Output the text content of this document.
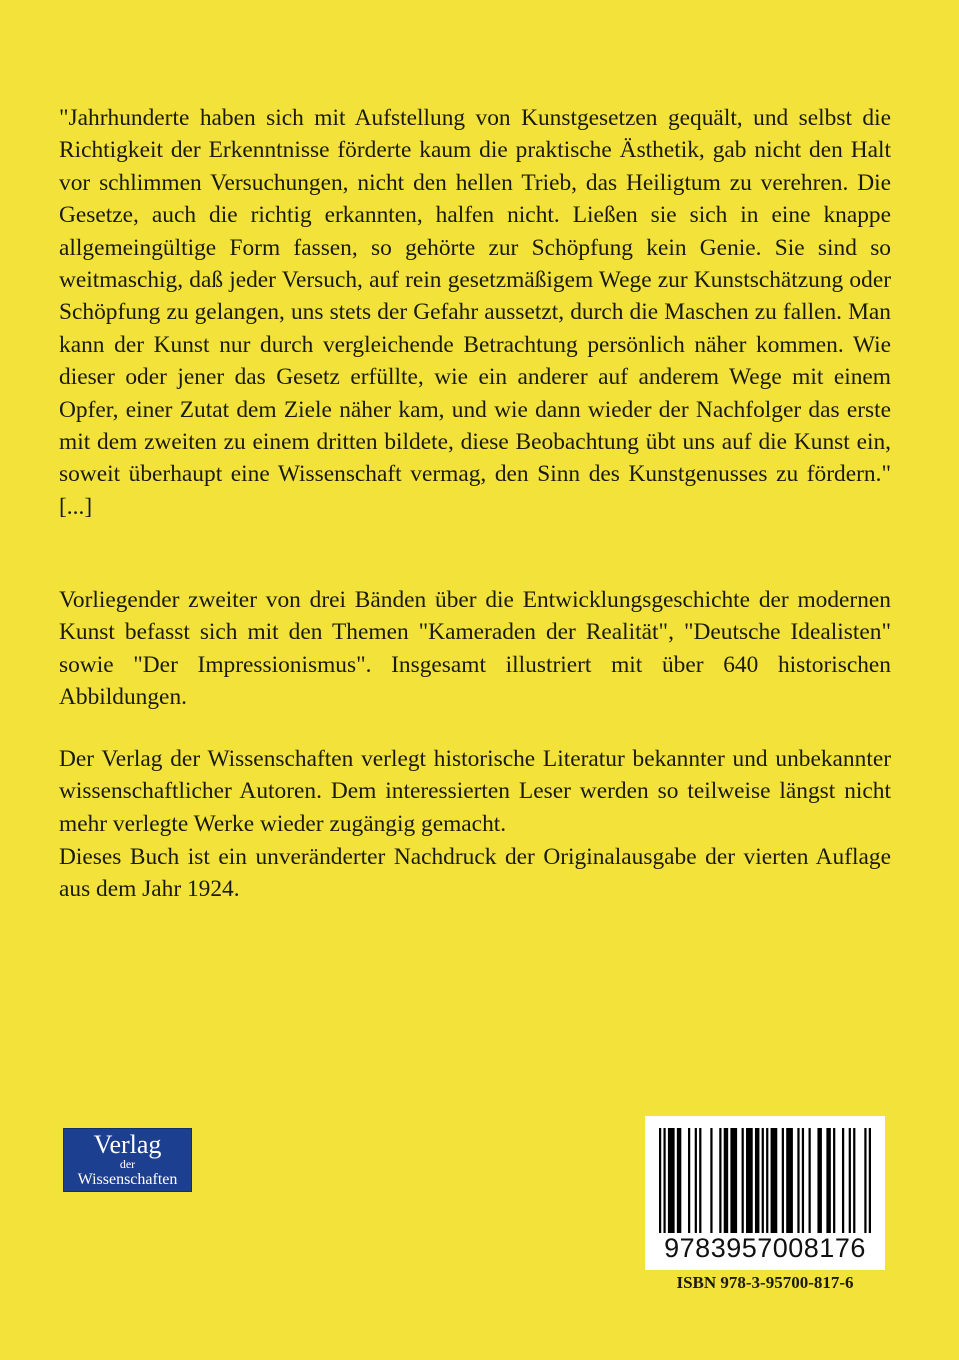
"Jahrhunderte haben sich mit Aufstellung von Kunstgesetzen gequält, und selbst die Richtigkeit der Erkenntnisse förderte kaum die praktische Ästhetik, gab nicht den Halt vor schlimmen Versuchungen, nicht den hellen Trieb, das Heiligtum zu verehren. Die Gesetze, auch die richtig erkannten, halfen nicht. Ließen sie sich in eine knappe allgemeingültige Form fassen, so gehörte zur Schöpfung kein Genie. Sie sind so weitmaschig, daß jeder Versuch, auf rein gesetzmäßigem Wege zur Kunstschätzung oder Schöpfung zu gelangen, uns stets der Gefahr aussetzt, durch die Maschen zu fallen. Man kann der Kunst nur durch vergleichende Betrachtung persönlich näher kommen. Wie dieser oder jener das Gesetz erfüllte, wie ein anderer auf anderem Wege mit einem Opfer, einer Zutat dem Ziele näher kam, und wie dann wieder der Nachfolger das erste mit dem zweiten zu einem dritten bildete, diese Beobachtung übt uns auf die Kunst ein, soweit überhaupt eine Wissenschaft vermag, den Sinn des Kunstgenusses zu fördern." [...]

Vorliegender zweiter von drei Bänden über die Entwicklungsgeschichte der modernen Kunst befasst sich mit den Themen "Kameraden der Realität", "Deutsche Idealisten" sowie "Der Impressionismus". Insgesamt illustriert mit über 640 historischen Abbildungen.

Der Verlag der Wissenschaften verlegt historische Literatur bekannter und unbekannter wissenschaftlicher Autoren. Dem interessierten Leser werden so teilweise längst nicht mehr verlegte Werke wieder zugängig gemacht.

Dieses Buch ist ein unveränderter Nachdruck der Originalausgabe der vierten Auflage aus dem Jahr 1924.

Verlag
der
Wissenschaften
9783957008176
ISBN 978-3-95700-817-6
